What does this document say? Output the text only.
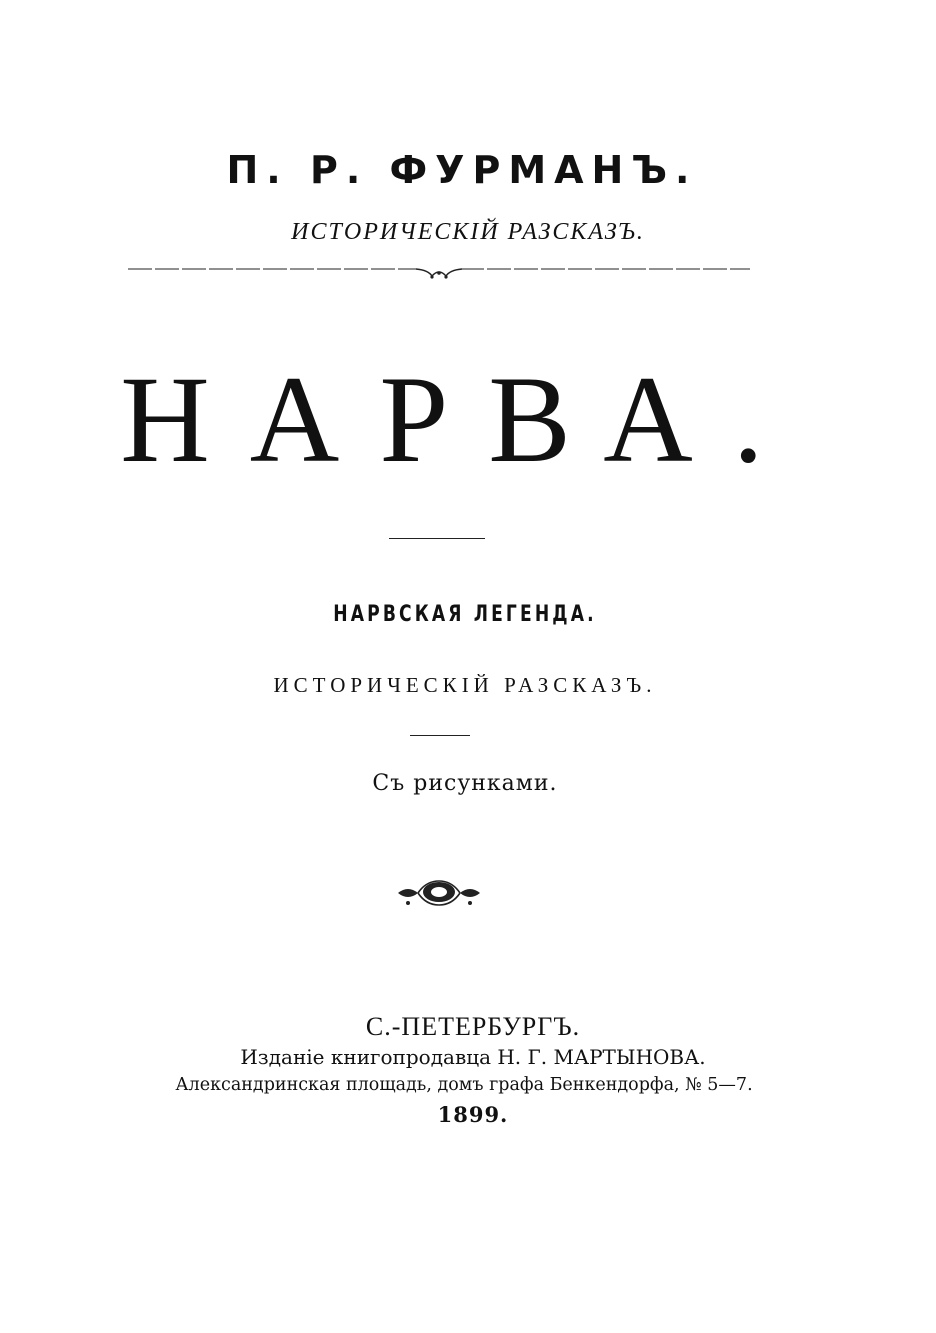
П. Р. ФУРМАНЪ.
ИСТОРИЧЕСКІЙ РАЗСКАЗЪ.
НАРВА.
НАРВСКАЯ ЛЕГЕНДА.
ИСТОРИЧЕСКІЙ РАЗСКАЗЪ.
Съ рисунками.
С.-ПЕТЕРБУРГЪ.
Изданіе книгопродавца Н. Г. МАРТЫНОВА.
Александринская площадь, домъ графа Бенкендорфа, № 5—7.
1899.
